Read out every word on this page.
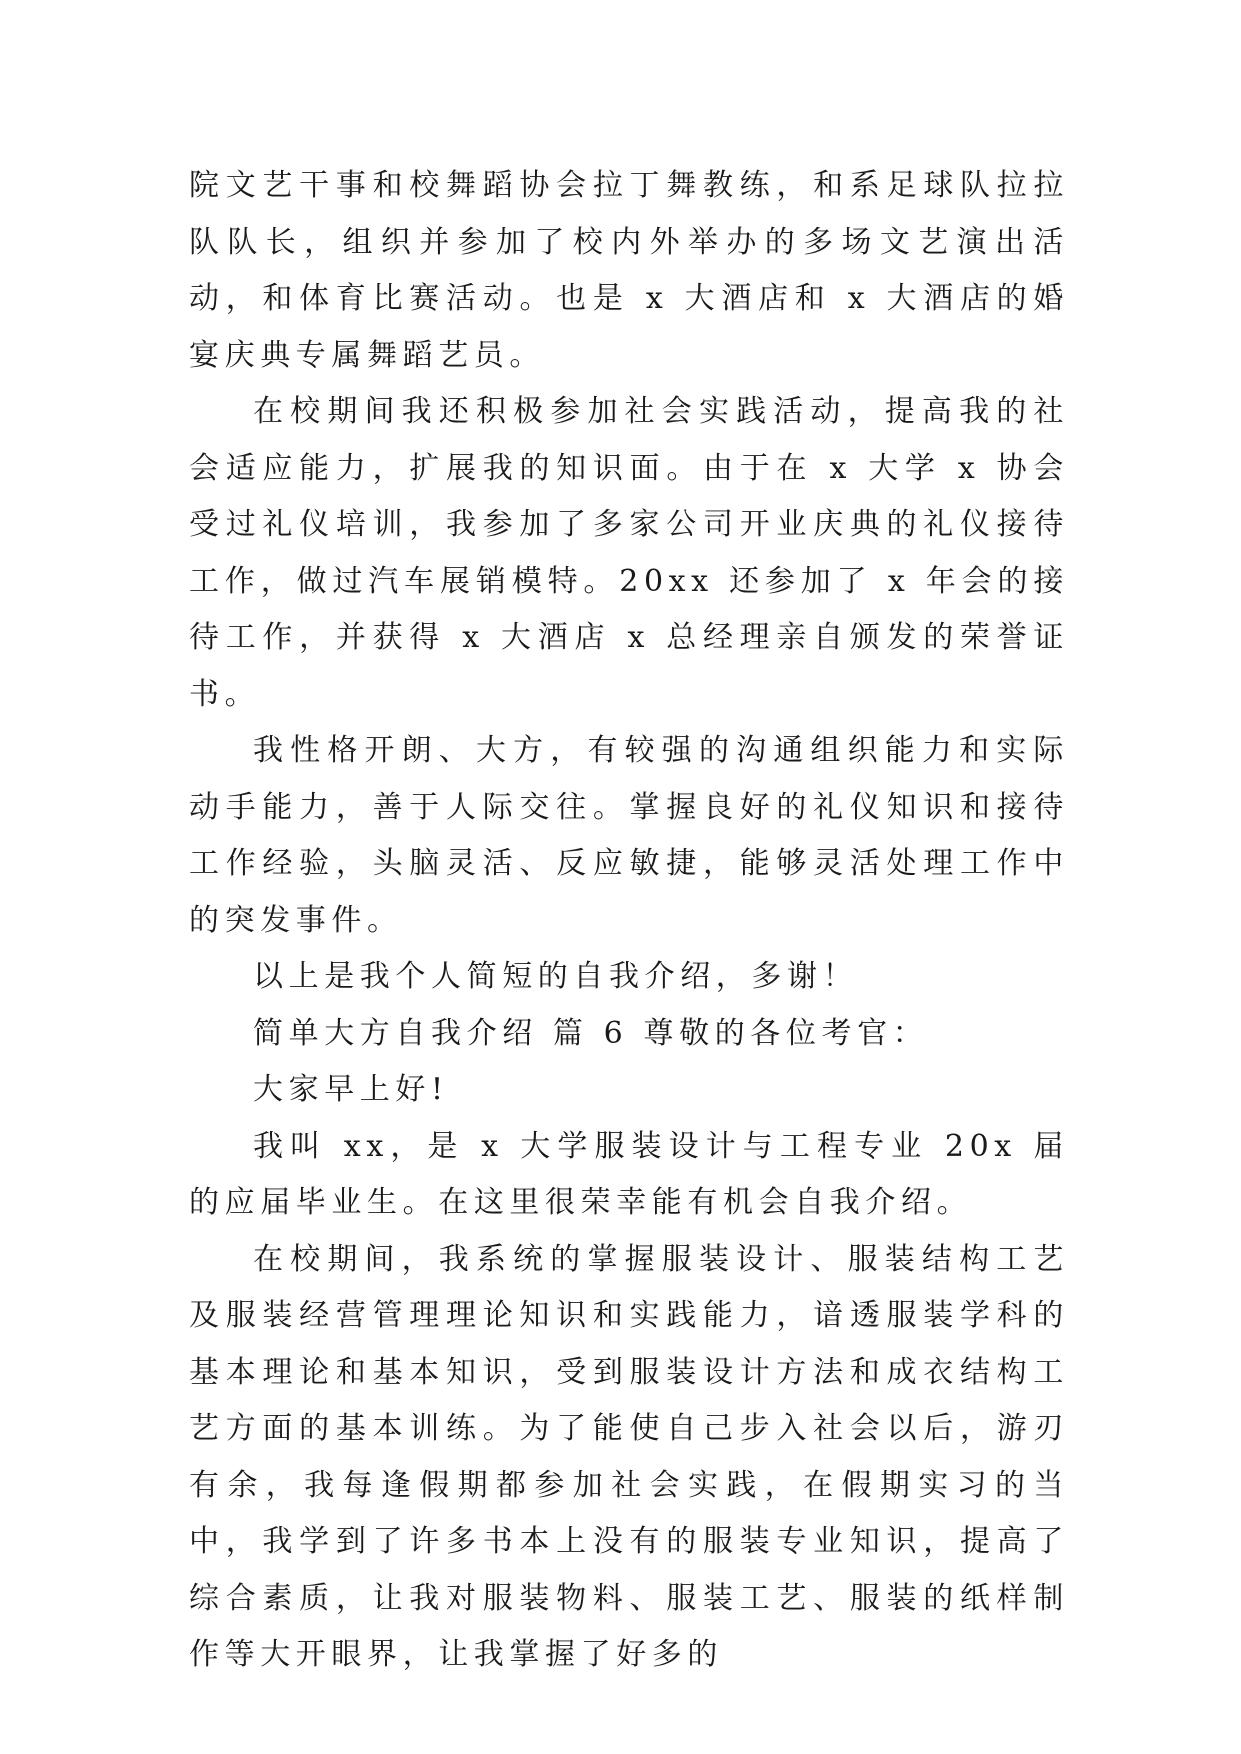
院文艺干事和校舞蹈协会拉丁舞教练，和系足球队拉拉队队长，组织并参加了校内外举办的多场文艺演出活动，和体育比赛活动。也是 x 大酒店和 x 大酒店的婚宴庆典专属舞蹈艺员。

在校期间我还积极参加社会实践活动，提高我的社会适应能力，扩展我的知识面。由于在 x 大学 x 协会受过礼仪培训，我参加了多家公司开业庆典的礼仪接待工作，做过汽车展销模特。20xx 还参加了 x 年会的接待工作，并获得 x 大酒店 x 总经理亲自颁发的荣誉证书。

我性格开朗、大方，有较强的沟通组织能力和实际动手能力，善于人际交往。掌握良好的礼仪知识和接待工作经验，头脑灵活、反应敏捷，能够灵活处理工作中的突发事件。

以上是我个人简短的自我介绍，多谢！

简单大方自我介绍 篇 6 尊敬的各位考官：

大家早上好!

我叫 xx，是 x 大学服装设计与工程专业 20x 届的应届毕业生。在这里很荣幸能有机会自我介绍。

在校期间，我系统的掌握服装设计、服装结构工艺及服装经营管理理论知识和实践能力，谙透服装学科的基本理论和基本知识，受到服装设计方法和成衣结构工艺方面的基本训练。为了能使自己步入社会以后，游刃有余，我每逢假期都参加社会实践，在假期实习的当中，我学到了许多书本上没有的服装专业知识，提高了综合素质，让我对服装物料、服装工艺、服装的纸样制作等大开眼界，让我掌握了好多的
